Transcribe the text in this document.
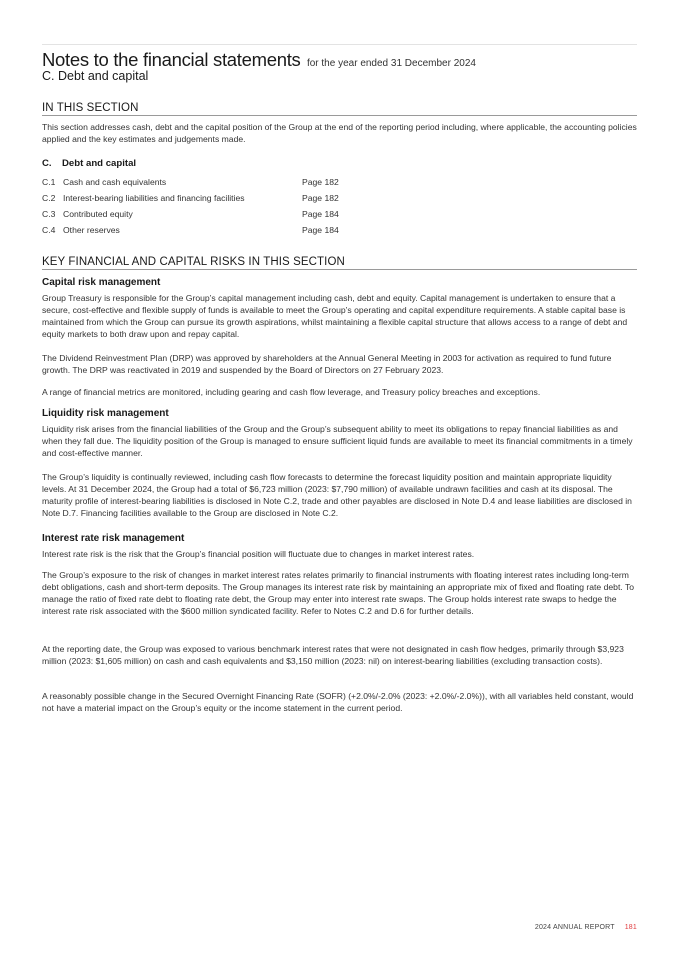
Notes to the financial statements for the year ended 31 December 2024
C. Debt and capital
IN THIS SECTION

This section addresses cash, debt and the capital position of the Group at the end of the reporting period including, where applicable, the accounting policies applied and the key estimates and judgements made.

C.	Debt and capital
C.1 Cash and cash equivalents	Page 182
C.2 Interest-bearing liabilities and financing facilities	Page 182
C.3 Contributed equity	Page 184
C.4 Other reserves	Page 184
KEY FINANCIAL AND CAPITAL RISKS IN THIS SECTION
Capital risk management

Group Treasury is responsible for the Group’s capital management including cash, debt and equity. Capital management is undertaken to ensure that a secure, cost-effective and flexible supply of funds is available to meet the Group’s operating and capital expenditure requirements. A stable capital base is maintained from which the Group can pursue its growth aspirations, whilst maintaining a flexible capital structure that allows access to a range of debt and equity markets to both draw upon and repay capital.

The Dividend Reinvestment Plan (DRP) was approved by shareholders at the Annual General Meeting in 2003 for activation as required to fund future growth. The DRP was reactivated in 2019 and suspended by the Board of Directors on 27 February 2023.

A range of financial metrics are monitored, including gearing and cash flow leverage, and Treasury policy breaches and exceptions.

Liquidity risk management

Liquidity risk arises from the financial liabilities of the Group and the Group’s subsequent ability to meet its obligations to repay financial liabilities as and when they fall due. The liquidity position of the Group is managed to ensure sufficient liquid funds are available to meet its financial commitments in a timely and cost-effective manner.

The Group’s liquidity is continually reviewed, including cash flow forecasts to determine the forecast liquidity position and maintain appropriate liquidity levels. At 31 December 2024, the Group had a total of $6,723 million (2023: $7,790 million) of available undrawn facilities and cash at its disposal. The maturity profile of interest-bearing liabilities is disclosed in Note C.2, trade and other payables are disclosed in Note D.4 and lease liabilities are disclosed in Note D.7. Financing facilities available to the Group are disclosed in Note C.2.

Interest rate risk management

Interest rate risk is the risk that the Group’s financial position will fluctuate due to changes in market interest rates.

The Group’s exposure to the risk of changes in market interest rates relates primarily to financial instruments with floating interest rates including long-term debt obligations, cash and short-term deposits. The Group manages its interest rate risk by maintaining an appropriate mix of fixed and floating rate debt. To manage the ratio of fixed rate debt to floating rate debt, the Group may enter into interest rate swaps. The Group holds interest rate swaps to hedge the interest rate risk associated with the $600 million syndicated facility. Refer to Notes C.2 and D.6 for further details.

At the reporting date, the Group was exposed to various benchmark interest rates that were not designated in cash flow hedges, primarily through $3,923 million (2023: $1,605 million) on cash and cash equivalents and $3,150 million (2023: nil) on interest-bearing liabilities (excluding transaction costs).

A reasonably possible change in the Secured Overnight Financing Rate (SOFR) (+2.0%/-2.0% (2023: +2.0%/-2.0%)), with all variables held constant, would not have a material impact on the Group’s equity or the income statement in the current period.

2024 ANNUAL REPORT 181
